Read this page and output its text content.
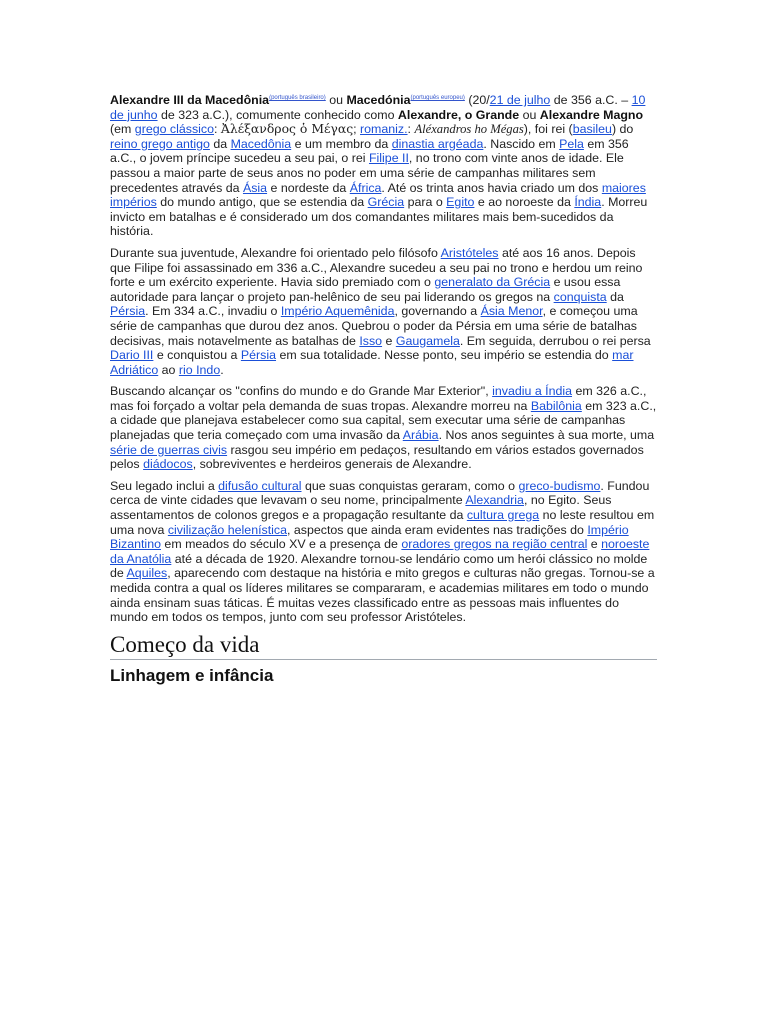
Alexandre III da Macedônia$^{(português brasileiro)}$ ou Macedónia$^{(português europeu)}$ (20/21 de julho de 356 a.C. – 10 de junho de 323 a.C.), comumente conhecido como Alexandre, o Grande ou Alexandre Magno (em grego clássico: Ἀλέξανδρος ὁ Μέγας; romaniz.: Aléxandros ho Mégas), foi rei (basileu) do reino grego antigo da Macedônia e um membro da dinastia argéada. Nascido em Pela em 356 a.C., o jovem príncipe sucedeu a seu pai, o rei Filipe II, no trono com vinte anos de idade. Ele passou a maior parte de seus anos no poder em uma série de campanhas militares sem precedentes através da Ásia e nordeste da África. Até os trinta anos havia criado um dos maiores impérios do mundo antigo, que se estendia da Grécia para o Egito e ao noroeste da Índia. Morreu invicto em batalhas e é considerado um dos comandantes militares mais bem-sucedidos da história.

Durante sua juventude, Alexandre foi orientado pelo filósofo Aristóteles até aos 16 anos. Depois que Filipe foi assassinado em 336 a.C., Alexandre sucedeu a seu pai no trono e herdou um reino forte e um exército experiente. Havia sido premiado com o generalato da Grécia e usou essa autoridade para lançar o projeto pan-helênico de seu pai liderando os gregos na conquista da Pérsia. Em 334 a.C., invadiu o Império Aquemênida, governando a Ásia Menor, e começou uma série de campanhas que durou dez anos. Quebrou o poder da Pérsia em uma série de batalhas decisivas, mais notavelmente as batalhas de Isso e Gaugamela. Em seguida, derrubou o rei persa Dario III e conquistou a Pérsia em sua totalidade. Nesse ponto, seu império se estendia do mar Adriático ao rio Indo.

Buscando alcançar os "confins do mundo e do Grande Mar Exterior", invadiu a Índia em 326 a.C., mas foi forçado a voltar pela demanda de suas tropas. Alexandre morreu na Babilônia em 323 a.C., a cidade que planejava estabelecer como sua capital, sem executar uma série de campanhas planejadas que teria começado com uma invasão da Arábia. Nos anos seguintes à sua morte, uma série de guerras civis rasgou seu império em pedaços, resultando em vários estados governados pelos diádocos, sobreviventes e herdeiros generais de Alexandre.

Seu legado inclui a difusão cultural que suas conquistas geraram, como o greco-budismo. Fundou cerca de vinte cidades que levavam o seu nome, principalmente Alexandria, no Egito. Seus assentamentos de colonos gregos e a propagação resultante da cultura grega no leste resultou em uma nova civilização helenística, aspectos que ainda eram evidentes nas tradições do Império Bizantino em meados do século XV e a presença de oradores gregos na região central e noroeste da Anatólia até a década de 1920. Alexandre tornou-se lendário como um herói clássico no molde de Aquiles, aparecendo com destaque na história e mito gregos e culturas não gregas. Tornou-se a medida contra a qual os líderes militares se compararam, e academias militares em todo o mundo ainda ensinam suas táticas. É muitas vezes classificado entre as pessoas mais influentes do mundo em todos os tempos, junto com seu professor Aristóteles.

Começo da vida
Linhagem e infância
